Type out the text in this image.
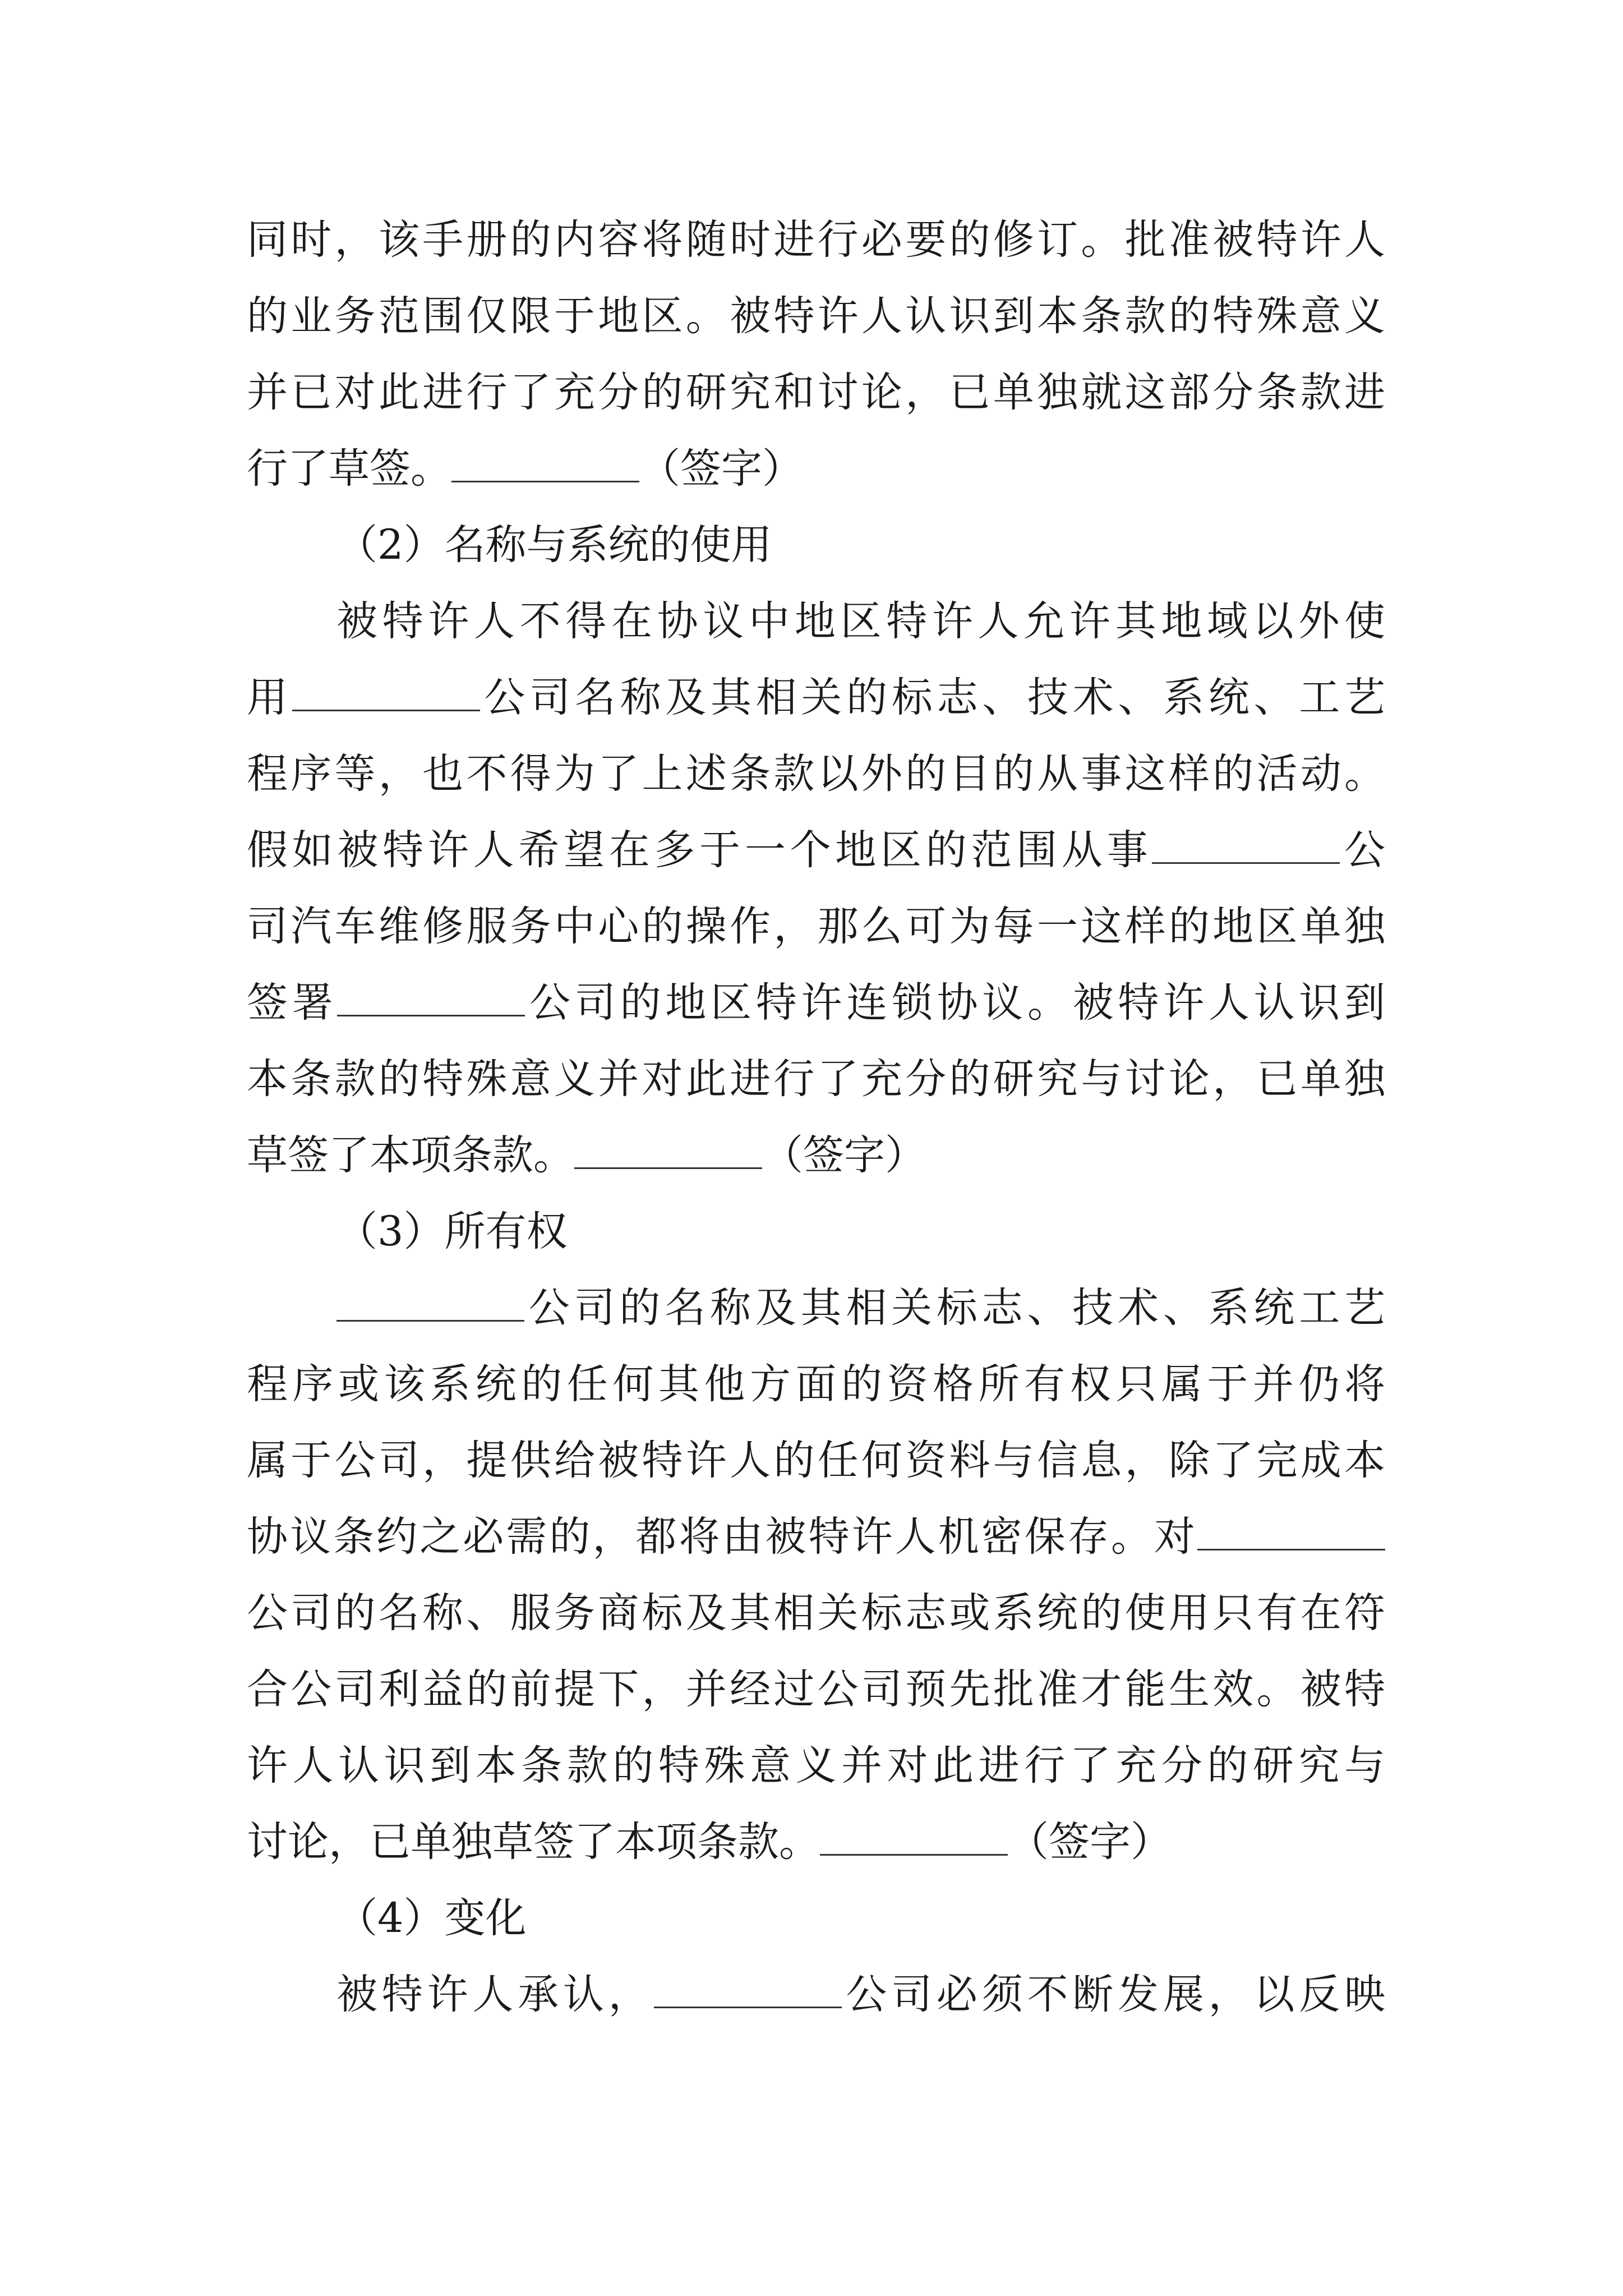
同时，该手册的内容将随时进行必要的修订。批准被特许人
的业务范围仅限于地区。被特许人认识到本条款的特殊意义
并已对此进行了充分的研究和讨论，已单独就这部分条款进
行了草签。	（签字）
（2）名称与系统的使用
被特许人不得在协议中地区特许人允许其地域以外使
用	公司名称及其相关的标志、技术、系统、工艺
程序等，也不得为了上述条款以外的目的从事这样的活动。
假如被特许人希望在多于一个地区的范围从事	公
司汽车维修服务中心的操作，那么可为每一这样的地区单独
签署	公司的地区特许连锁协议。被特许人认识到
本条款的特殊意义并对此进行了充分的研究与讨论，已单独
草签了本项条款。	（签字）
（3）所有权
公司的名称及其相关标志、技术、系统工艺
程序或该系统的任何其他方面的资格所有权只属于并仍将
属于公司，提供给被特许人的任何资料与信息，除了完成本
协议条约之必需的，都将由被特许人机密保存。对
公司的名称、服务商标及其相关标志或系统的使用只有在符
合公司利益的前提下，并经过公司预先批准才能生效。被特
许人认识到本条款的特殊意义并对此进行了充分的研究与
讨论，已单独草签了本项条款。	（签字）
（4）变化
被特许人承认，	公司必须不断发展，以反映
